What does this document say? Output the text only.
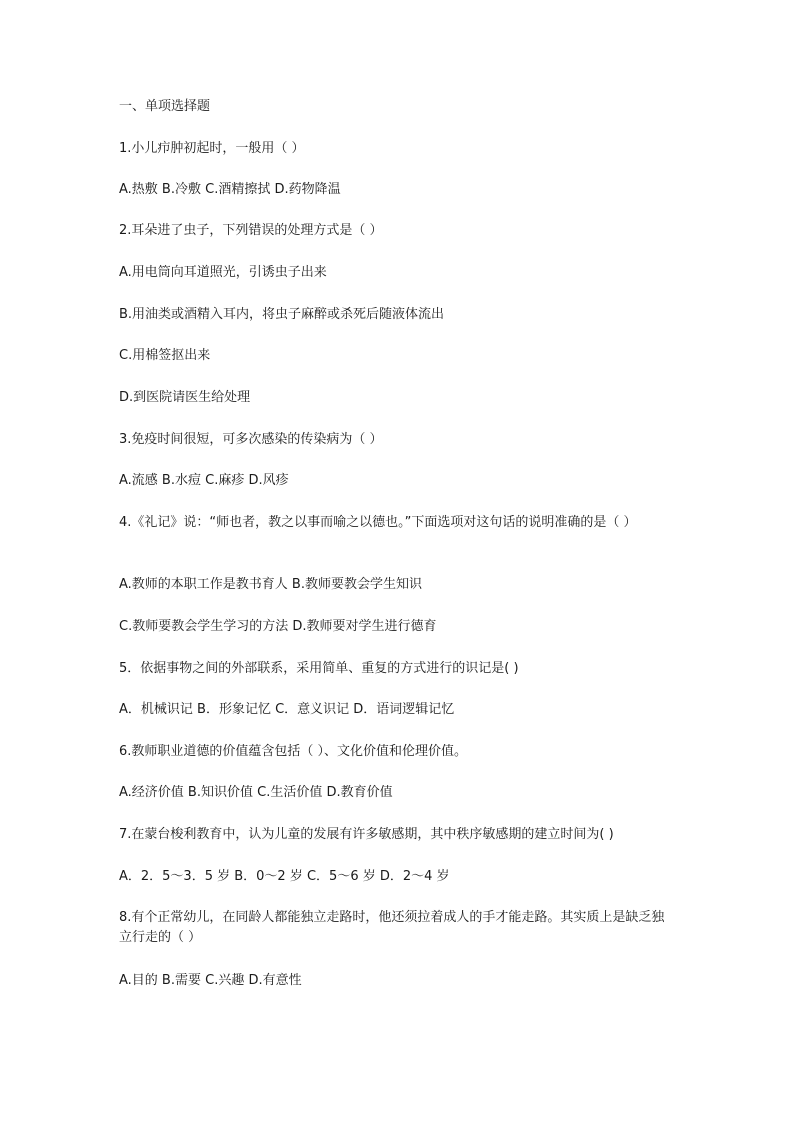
一、单项选择题
1.小儿疖肿初起时，一般用（ ）
A.热敷 B.冷敷 C.酒精擦拭 D.药物降温
2.耳朵进了虫子，下列错误的处理方式是（ ）
A.用电筒向耳道照光，引诱虫子出来
B.用油类或酒精入耳内，将虫子麻醉或杀死后随液体流出
C.用棉签抠出来
D.到医院请医生给处理
3.免疫时间很短，可多次感染的传染病为（ ）
A.流感 B.水痘 C.麻疹 D.风疹
4.《礼记》说：“师也者，教之以事而喻之以德也。”下面选项对这句话的说明准确的是（ ）
A.教师的本职工作是教书育人 B.教师要教会学生知识
C.教师要教会学生学习的方法 D.教师要对学生进行德育
5．依据事物之间的外部联系，采用简单、重复的方式进行的识记是( )
A．机械识记 B．形象记忆 C．意义识记 D．语词逻辑记忆
6.教师职业道德的价值蕴含包括（ ）、文化价值和伦理价值。
A.经济价值 B.知识价值 C.生活价值 D.教育价值
7.在蒙台梭利教育中，认为儿童的发展有许多敏感期，其中秩序敏感期的建立时间为( )
A．2．5～3．5 岁 B．0～2 岁 C．5～6 岁 D．2～4 岁
8.有个正常幼儿，在同龄人都能独立走路时，他还须拉着成人的手才能走路。其实质上是缺乏独立行走的（ ）
A.目的 B.需要 C.兴趣 D.有意性
